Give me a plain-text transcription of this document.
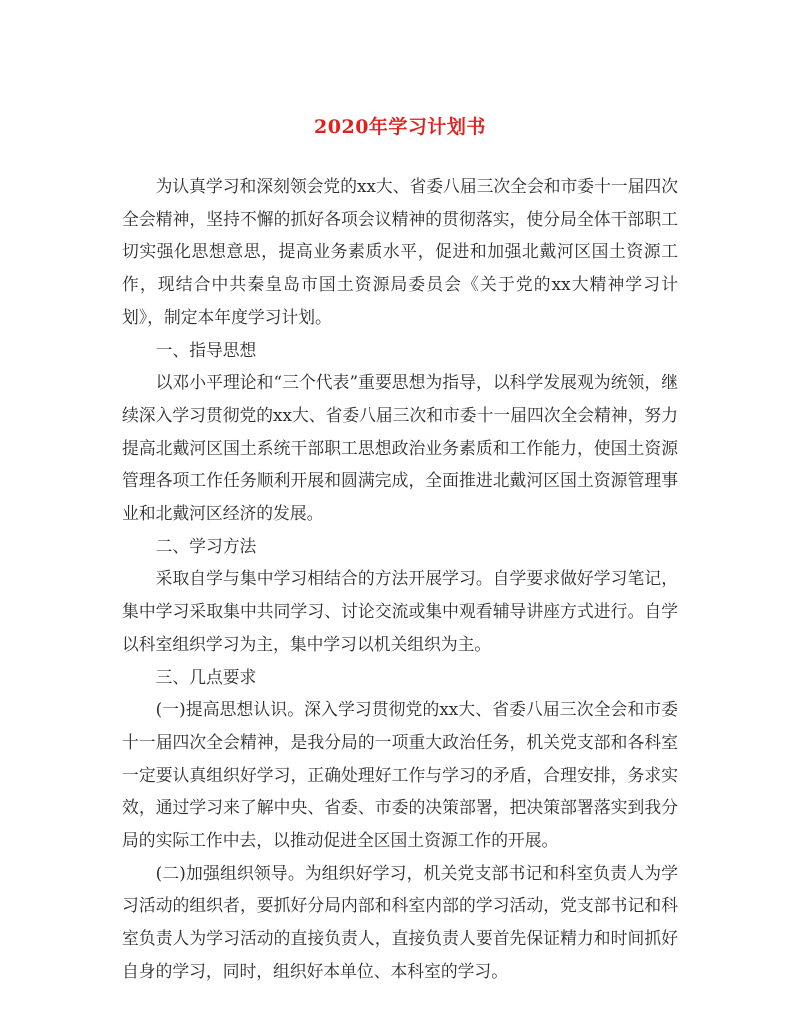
2020年学习计划书

为认真学习和深刻领会党的xx大、省委八届三次全会和市委十一届四次全会精神，坚持不懈的抓好各项会议精神的贯彻落实，使分局全体干部职工切实强化思想意思，提高业务素质水平，促进和加强北戴河区国土资源工作，现结合中共秦皇岛市国土资源局委员会《关于党的xx大精神学习计划》，制定本年度学习计划。

一、指导思想

以邓小平理论和“三个代表”重要思想为指导，以科学发展观为统领，继续深入学习贯彻党的xx大、省委八届三次和市委十一届四次全会精神，努力提高北戴河区国土系统干部职工思想政治业务素质和工作能力，使国土资源管理各项工作任务顺利开展和圆满完成，全面推进北戴河区国土资源管理事业和北戴河区经济的发展。

二、学习方法

采取自学与集中学习相结合的方法开展学习。自学要求做好学习笔记，集中学习采取集中共同学习、讨论交流或集中观看辅导讲座方式进行。自学以科室组织学习为主，集中学习以机关组织为主。

三、几点要求

(一)提高思想认识。深入学习贯彻党的xx大、省委八届三次全会和市委十一届四次全会精神，是我分局的一项重大政治任务，机关党支部和各科室一定要认真组织好学习，正确处理好工作与学习的矛盾，合理安排，务求实效，通过学习来了解中央、省委、市委的决策部署，把决策部署落实到我分局的实际工作中去，以推动促进全区国土资源工作的开展。

(二)加强组织领导。为组织好学习，机关党支部书记和科室负责人为学习活动的组织者，要抓好分局内部和科室内部的学习活动，党支部书记和科室负责人为学习活动的直接负责人，直接负责人要首先保证精力和时间抓好自身的学习，同时，组织好本单位、本科室的学习。
